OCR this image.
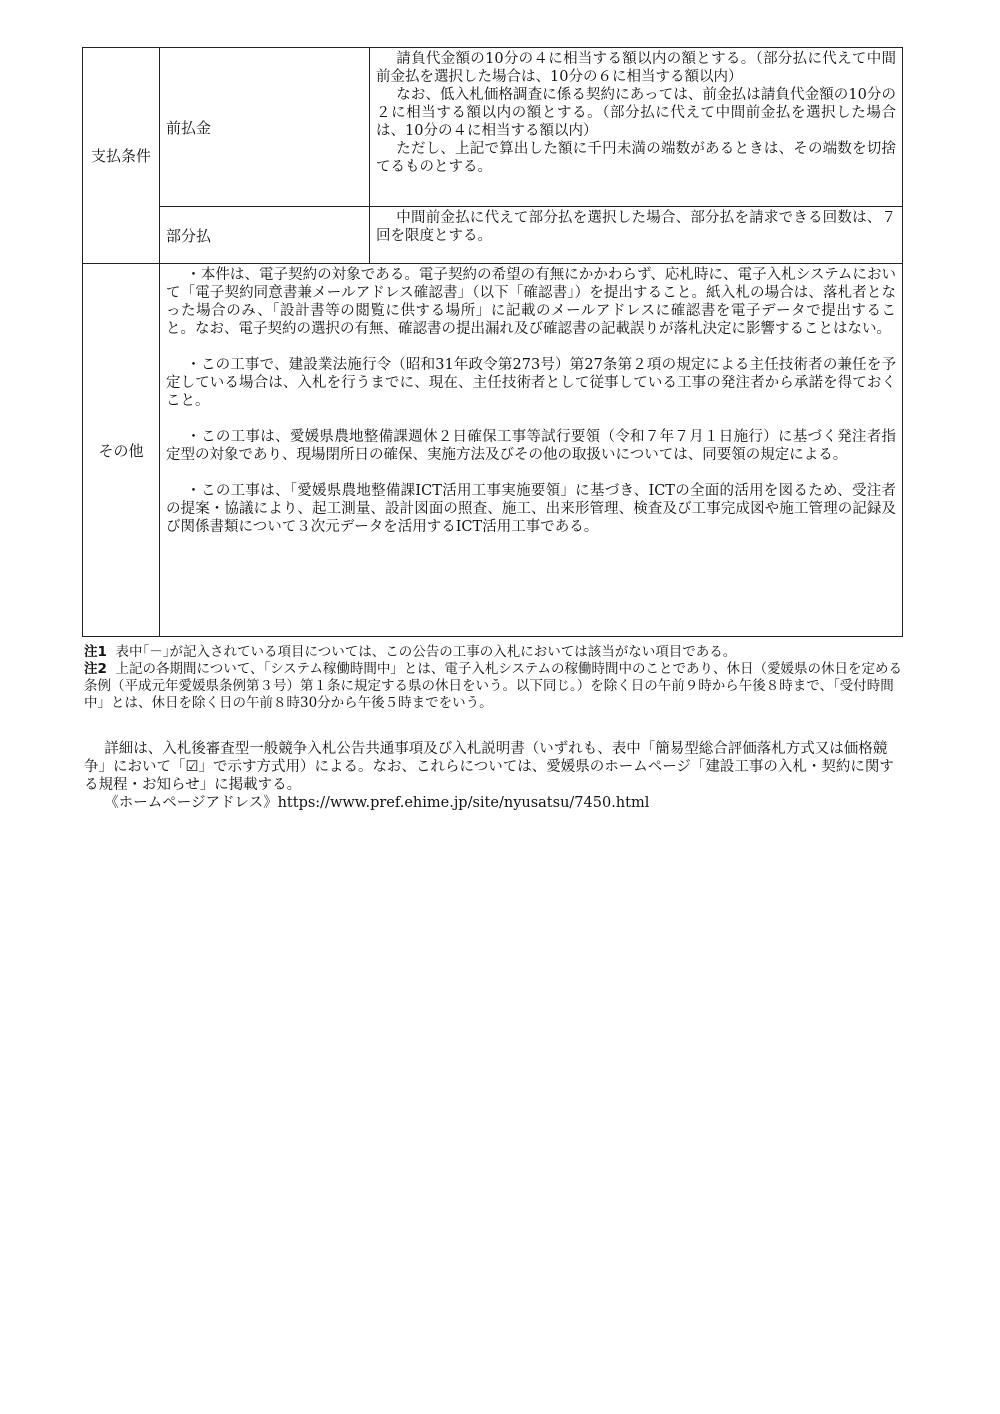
支払条件	前払金	請負代金額の10分の４に相当する額以内の額とする。（部分払に代えて中間前金払を選択した場合は、10分の６に相当する額以内）

なお、低入札価格調査に係る契約にあっては、前金払は請負代金額の10分の２に相当する額以内の額とする。（部分払に代えて中間前金払を選択した場合は、10分の４に相当する額以内）

ただし、上記で算出した額に千円未満の端数があるときは、その端数を切捨てるものとする。

	部分払	中間前金払に代えて部分払を選択した場合、部分払を請求できる回数は、７回を限度とする。

その他	・本件は、電子契約の対象である。電子契約の希望の有無にかかわらず、応札時に、電子入札システムにおいて「電子契約同意書兼メールアドレス確認書」（以下「確認書」）を提出すること。紙入札の場合は、落札者となった場合のみ、「設計書等の閲覧に供する場所」に記載のメールアドレスに確認書を電子データで提出すること。なお、電子契約の選択の有無、確認書の提出漏れ及び確認書の記載誤りが落札決定に影響することはない。

・この工事で、建設業法施行令（昭和31年政令第273号）第27条第２項の規定による主任技術者の兼任を予定している場合は、入札を行うまでに、現在、主任技術者として従事している工事の発注者から承諾を得ておくこと。

・この工事は、愛媛県農地整備課週休２日確保工事等試行要領（令和７年７月１日施行）に基づく発注者指定型の対象であり、現場閉所日の確保、実施方法及びその他の取扱いについては、同要領の規定による。

・この工事は、「愛媛県農地整備課ICT活用工事実施要領」に基づき、ICTの全面的活用を図るため、受注者の提案・協議により、起工測量、設計図面の照査、施工、出来形管理、検査及び工事完成図や施工管理の記録及び関係書類について３次元データを活用するICT活用工事である。	

注1 表中｢－｣が記入されている項目については、この公告の工事の入札においては該当がない項目である。

注2 上記の各期間について、「システム稼働時間中」とは、電子入札システムの稼働時間中のことであり、休日（愛媛県の休日を定める条例（平成元年愛媛県条例第３号）第１条に規定する県の休日をいう。以下同じ。）を除く日の午前９時から午後８時まで、「受付時間中」とは、休日を除く日の午前８時30分から午後５時までをいう。

詳細は、入札後審査型一般競争入札公告共通事項及び入札説明書（いずれも、表中「簡易型総合評価落札方式又は価格競争」において「☑」で示す方式用）による。なお、これらについては、愛媛県のホームページ「建設工事の入札・契約に関する規程・お知らせ」に掲載する。

《ホームページアドレス》https://www.pref.ehime.jp/site/nyusatsu/7450.html
